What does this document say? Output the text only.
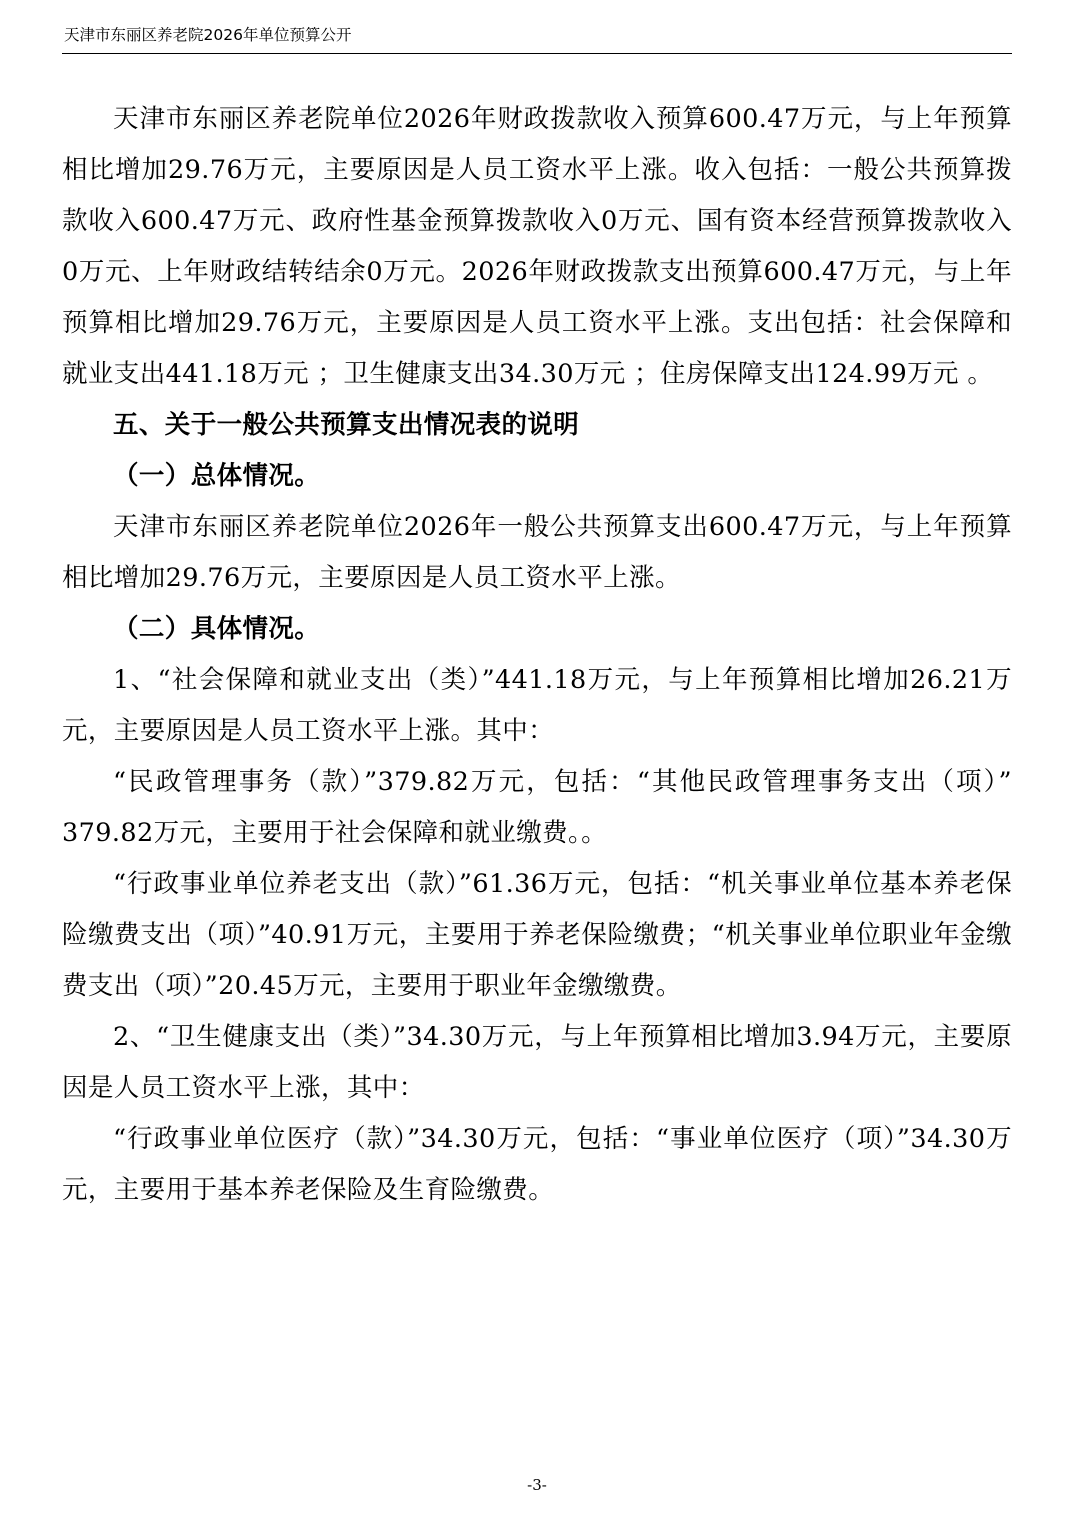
天津市东丽区养老院2026年单位预算公开

天津市东丽区养老院单位2026年财政拨款收入预算600.47万元，与上年预算相比增加29.76万元，主要原因是人员工资水平上涨。收入包括：一般公共预算拨款收入600.47万元、政府性基金预算拨款收入0万元、国有资本经营预算拨款收入0万元、上年财政结转结余0万元。2026年财政拨款支出预算600.47万元，与上年预算相比增加29.76万元，主要原因是人员工资水平上涨。支出包括：社会保障和就业支出441.18万元 ；卫生健康支出34.30万元 ；住房保障支出124.99万元 。

五、关于一般公共预算支出情况表的说明

（一）总体情况。

天津市东丽区养老院单位2026年一般公共预算支出600.47万元，与上年预算相比增加29.76万元，主要原因是人员工资水平上涨。

（二）具体情况。

1、“社会保障和就业支出（类）”441.18万元，与上年预算相比增加26.21万元，主要原因是人员工资水平上涨。其中：

“民政管理事务（款）”379.82万元，包括：“其他民政管理事务支出（项）”379.82万元，主要用于社会保障和就业缴费。。

“行政事业单位养老支出（款）”61.36万元，包括：“机关事业单位基本养老保险缴费支出（项）”40.91万元，主要用于养老保险缴费；“机关事业单位职业年金缴费支出（项）”20.45万元，主要用于职业年金缴缴费。

2、“卫生健康支出（类）”34.30万元，与上年预算相比增加3.94万元，主要原因是人员工资水平上涨，其中：

“行政事业单位医疗（款）”34.30万元，包括：“事业单位医疗（项）”34.30万元，主要用于基本养老保险及生育险缴费。

-3-
